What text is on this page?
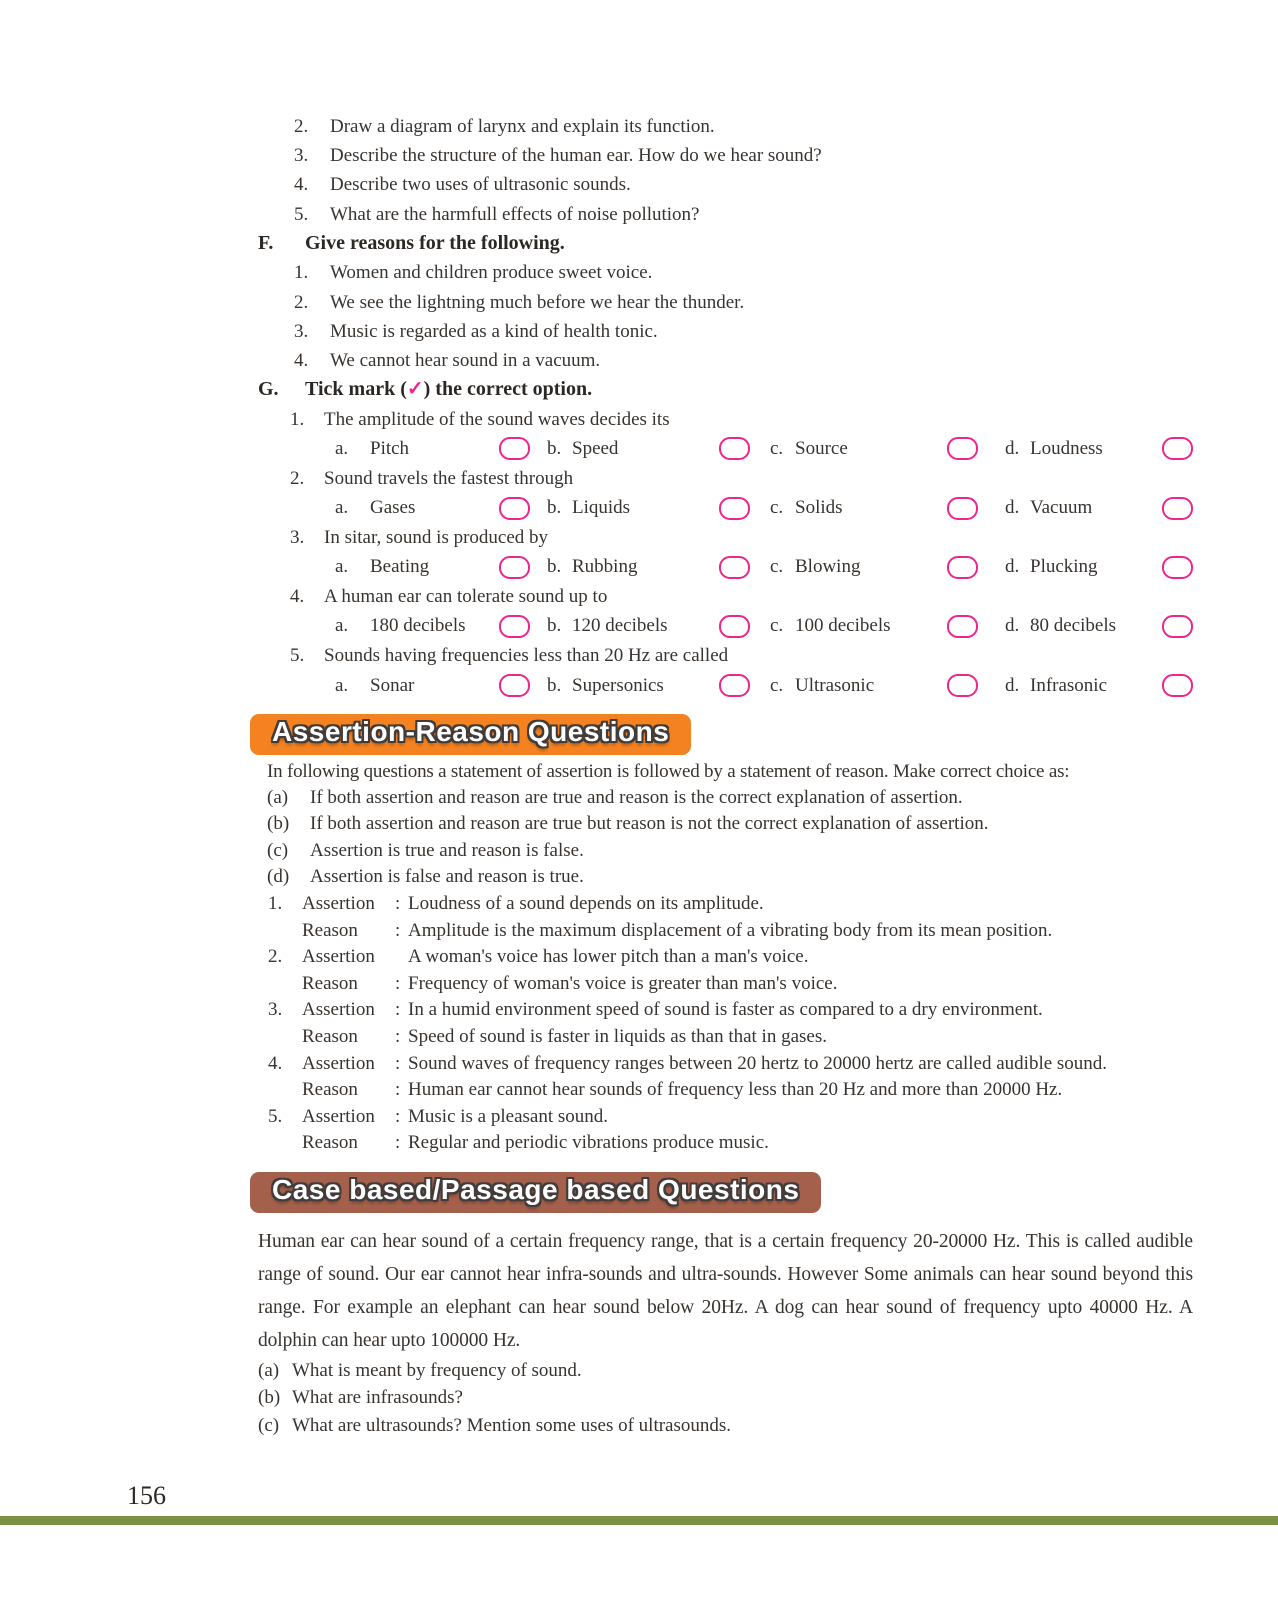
2.	Draw a diagram of larynx and explain its function.
3.	Describe the structure of the human ear. How do we hear sound?
4.	Describe two uses of ultrasonic sounds.
5.	What are the harmfull effects of noise pollution?
F.	Give reasons for the following.
1.	Women and children produce sweet voice.
2.	We see the lightning much before we hear the thunder.
3.	Music is regarded as a kind of health tonic.
4.	We cannot hear sound in a vacuum.
G.	Tick mark (✓) the correct option.
1.	The amplitude of the sound waves decides its
a.	Pitch	b. Speed	c. Source	d. Loudness
2.	Sound travels the fastest through
a.	Gases	b. Liquids	c. Solids	d. Vacuum
3.	In sitar, sound is produced by
a.	Beating	b. Rubbing	c. Blowing	d. Plucking
4.	A human ear can tolerate sound up to
a.	180 decibels	b. 120 decibels	c. 100 decibels	d. 80 decibels
5.	Sounds having frequencies less than 20 Hz are called
a.	Sonar	b. Supersonics	c. Ultrasonic	d. Infrasonic
Assertion-Reason Questions
In following questions a statement of assertion is followed by a statement of reason. Make correct choice as:
(a)	If both assertion and reason are true and reason is the correct explanation of assertion.
(b)	If both assertion and reason are true but reason is not the correct explanation of assertion.
(c)	Assertion is true and reason is false.
(d)	Assertion is false and reason is true.
1.	Assertion	: Loudness of a sound depends on its amplitude.
Reason	: Amplitude is the maximum displacement of a vibrating body from its mean position.
2.	Assertion	A woman's voice has lower pitch than a man's voice.
Reason	: Frequency of woman's voice is greater than man's voice.
3.	Assertion	: In a humid environment speed of sound is faster as compared to a dry environment.
Reason	: Speed of sound is faster in liquids as than that in gases.
4.	Assertion	: Sound waves of frequency ranges between 20 hertz to 20000 hertz are called audible sound.
Reason	: Human ear cannot hear sounds of frequency less than 20 Hz and more than 20000 Hz.
5.	Assertion	: Music is a pleasant sound.
Reason	: Regular and periodic vibrations produce music.
Case based/Passage based Questions
Human ear can hear sound of a certain frequency range, that is a certain frequency 20-20000 Hz. This is called audible range of sound. Our ear cannot hear infra-sounds and ultra-sounds. However Some animals can hear sound beyond this range. For example an elephant can hear sound below 20Hz. A dog can hear sound of frequency upto 40000 Hz. A dolphin can hear upto 100000 Hz.
(a) What is meant by frequency of sound.
(b) What are infrasounds?
(c) What are ultrasounds? Mention some uses of ultrasounds.
156
